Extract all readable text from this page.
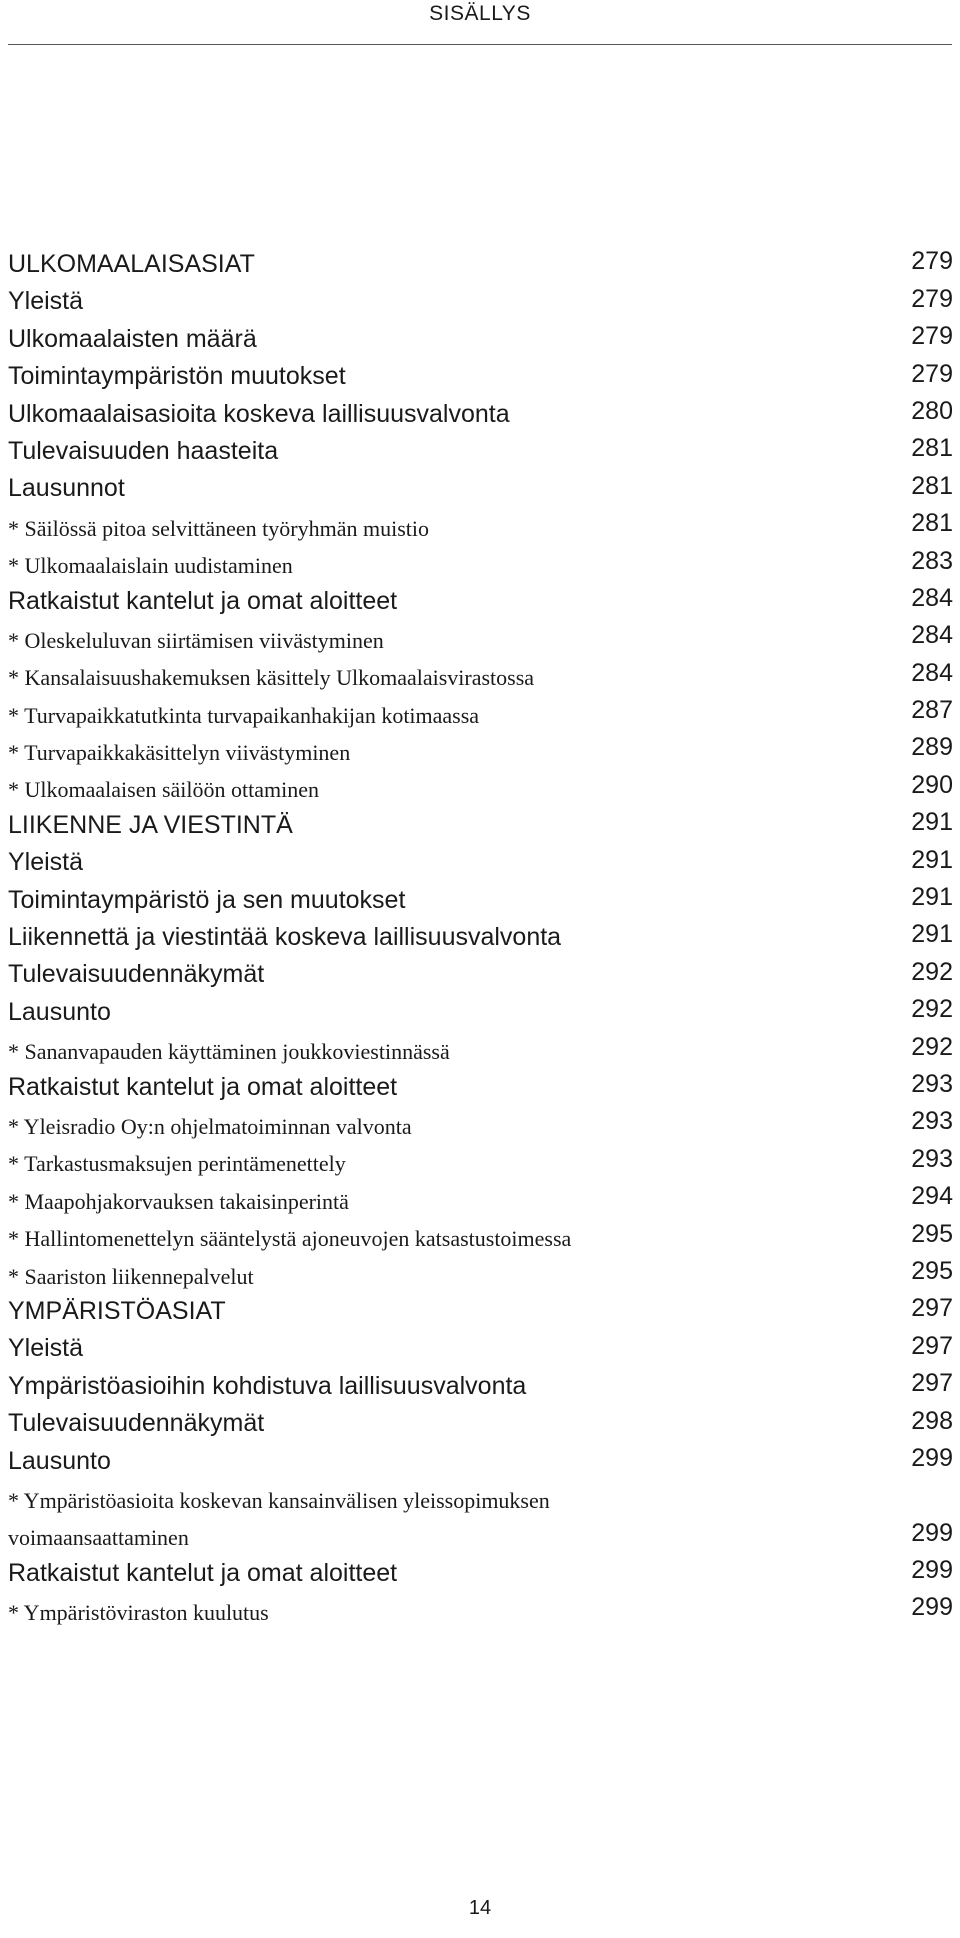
SISÄLLYS
ULKOMAALAISASIAT	279
Yleistä	279
Ulkomaalaisten määrä	279
Toimintaympäristön muutokset	279
Ulkomaalaisasioita koskeva laillisuusvalvonta	280
Tulevaisuuden haasteita	281
Lausunnot	281
* Säilössä pitoa selvittäneen työryhmän muistio	281
* Ulkomaalaislain uudistaminen	283
Ratkaistut kantelut ja omat aloitteet	284
* Oleskeluluvan siirtämisen viivästyminen	284
* Kansalaisuushakemuksen käsittely Ulkomaalaisvirastossa	284
* Turvapaikkatutkinta turvapaikanhakijan kotimaassa	287
* Turvapaikkakäsittelyn viivästyminen	289
* Ulkomaalaisen säilöön ottaminen	290
LIIKENNE JA VIESTINTÄ	291
Yleistä	291
Toimintaympäristö ja sen muutokset	291
Liikennettä ja viestintää koskeva laillisuusvalvonta	291
Tulevaisuudennäkymät	292
Lausunto	292
* Sananvapauden käyttäminen joukkoviestinnässä	292
Ratkaistut kantelut ja omat aloitteet	293
* Yleisradio Oy:n ohjelmatoiminnan valvonta	293
* Tarkastusmaksujen perintämenettely	293
* Maapohjakorvauksen takaisinperintä	294
* Hallintomenettelyn sääntelystä ajoneuvojen katsastustoimessa	295
* Saariston liikennepalvelut	295
YMPÄRISTÖASIAT	297
Yleistä	297
Ympäristöasioihin kohdistuva laillisuusvalvonta	297
Tulevaisuudennäkymät	298
Lausunto	299
* Ympäristöasioita koskevan kansainvälisen yleissopimuksen
voimaansaattaminen	299
Ratkaistut kantelut ja omat aloitteet	299
* Ympäristöviraston kuulutus	299
14
